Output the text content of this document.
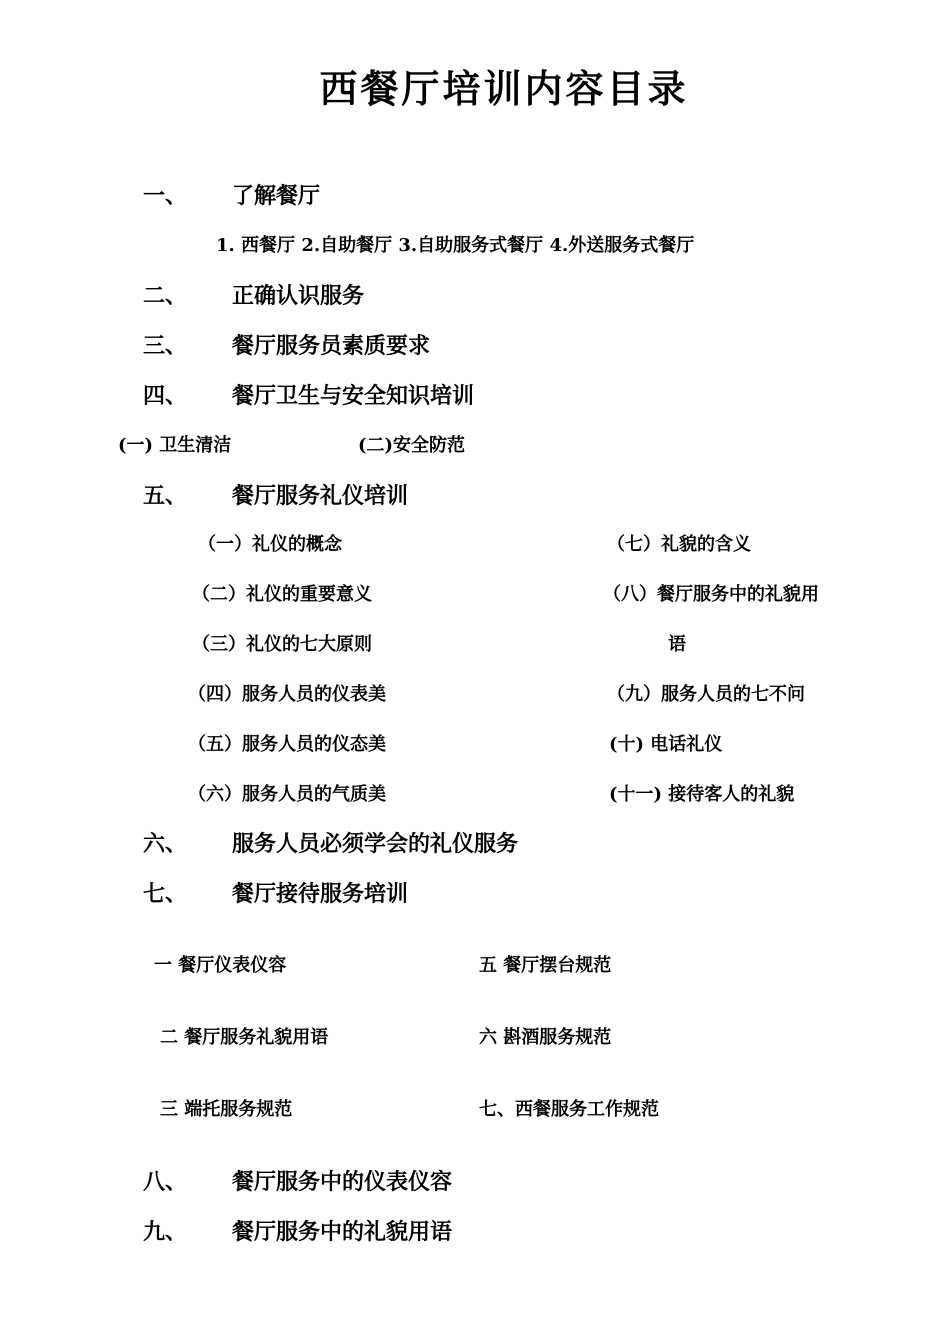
西餐厅培训内容目录
一、 了解餐厅
1. 西餐厅 2.自助餐厅 3.自助服务式餐厅 4.外送服务式餐厅
二、 正确认识服务
三、 餐厅服务员素质要求
四、 餐厅卫生与安全知识培训
(一) 卫生清洁	(二)安全防范
五、 餐厅服务礼仪培训
（一）礼仪的概念
（二）礼仪的重要意义
（三）礼仪的七大原则
（四）服务人员的仪表美
（五）服务人员的仪态美
（六）服务人员的气质美
（七）礼貌的含义
（八）餐厅服务中的礼貌用
语
（九）服务人员的七不问
(十) 电话礼仪
(十一) 接待客人的礼貌
六、 服务人员必须学会的礼仪服务
七、 餐厅接待服务培训
一 餐厅仪表仪容
二 餐厅服务礼貌用语
三 端托服务规范
五 餐厅摆台规范
六 斟酒服务规范
七、西餐服务工作规范
八、 餐厅服务中的仪表仪容
九、 餐厅服务中的礼貌用语
